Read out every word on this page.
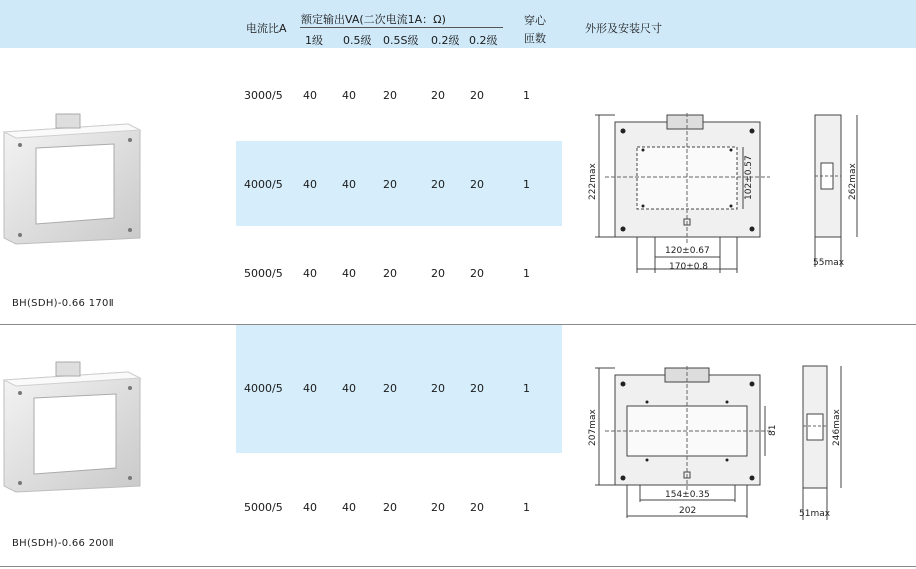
电流比A
额定输出VA(二次电流1A：Ω)
1级 0.5级 0.5S级 0.2级 0.2级
穿心
匝数
外形及安装尺寸
BH(SDH)-0.66 170Ⅱ
3000/5 40 40 20	20 20	1
4000/5 40 40 20	20 20	1
5000/5 40 40 20	20 20	1
222max	102±0.57
120±0.67
170±0.8
262max
55max
BH(SDH)-0.66 200Ⅱ
4000/5 40 40 20	20 20	1
5000/5 40 40 20	20 20	1
207max	81
154±0.35
202
246max
51max
